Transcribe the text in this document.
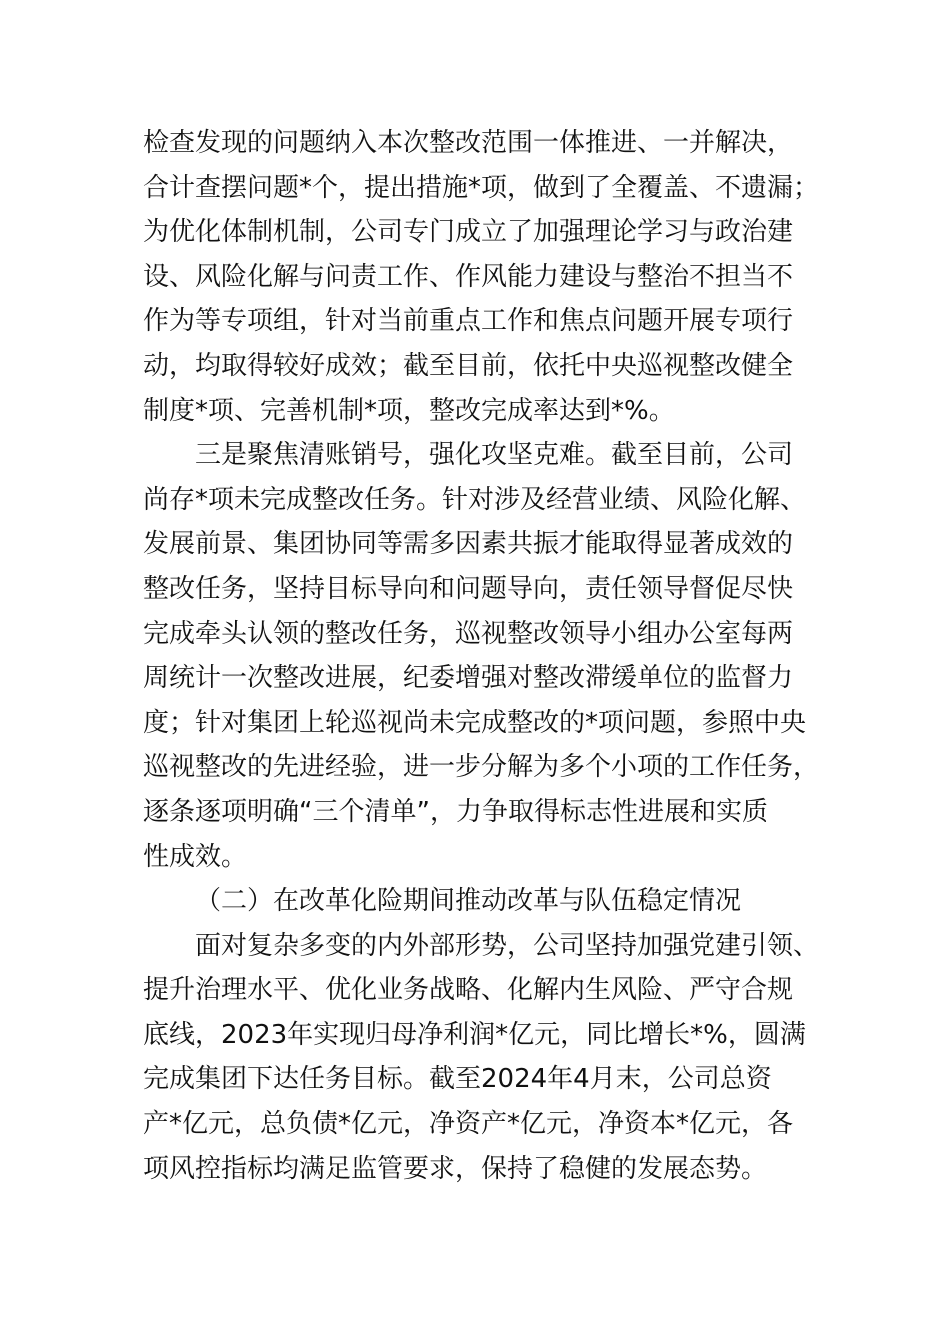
检查发现的问题纳入本次整改范围一体推进、一并解决，
合计查摆问题*个，提出措施*项，做到了全覆盖、不遗漏；
为优化体制机制，公司专门成立了加强理论学习与政治建
设、风险化解与问责工作、作风能力建设与整治不担当不
作为等专项组，针对当前重点工作和焦点问题开展专项行
动，均取得较好成效；截至目前，依托中央巡视整改健全
制度*项、完善机制*项，整改完成率达到*%。

三是聚焦清账销号，强化攻坚克难。截至目前，公司
尚存*项未完成整改任务。针对涉及经营业绩、风险化解、
发展前景、集团协同等需多因素共振才能取得显著成效的
整改任务，坚持目标导向和问题导向，责任领导督促尽快
完成牵头认领的整改任务，巡视整改领导小组办公室每两
周统计一次整改进展，纪委增强对整改滞缓单位的监督力
度；针对集团上轮巡视尚未完成整改的*项问题，参照中央
巡视整改的先进经验，进一步分解为多个小项的工作任务，
逐条逐项明确“三个清单”，力争取得标志性进展和实质
性成效。

（二）在改革化险期间推动改革与队伍稳定情况

面对复杂多变的内外部形势，公司坚持加强党建引领、
提升治理水平、优化业务战略、化解内生风险、严守合规
底线，2023年实现归母净利润*亿元，同比增长*%，圆满
完成集团下达任务目标。截至2024年4月末，公司总资
产*亿元，总负债*亿元，净资产*亿元，净资本*亿元，各
项风控指标均满足监管要求，保持了稳健的发展态势。
